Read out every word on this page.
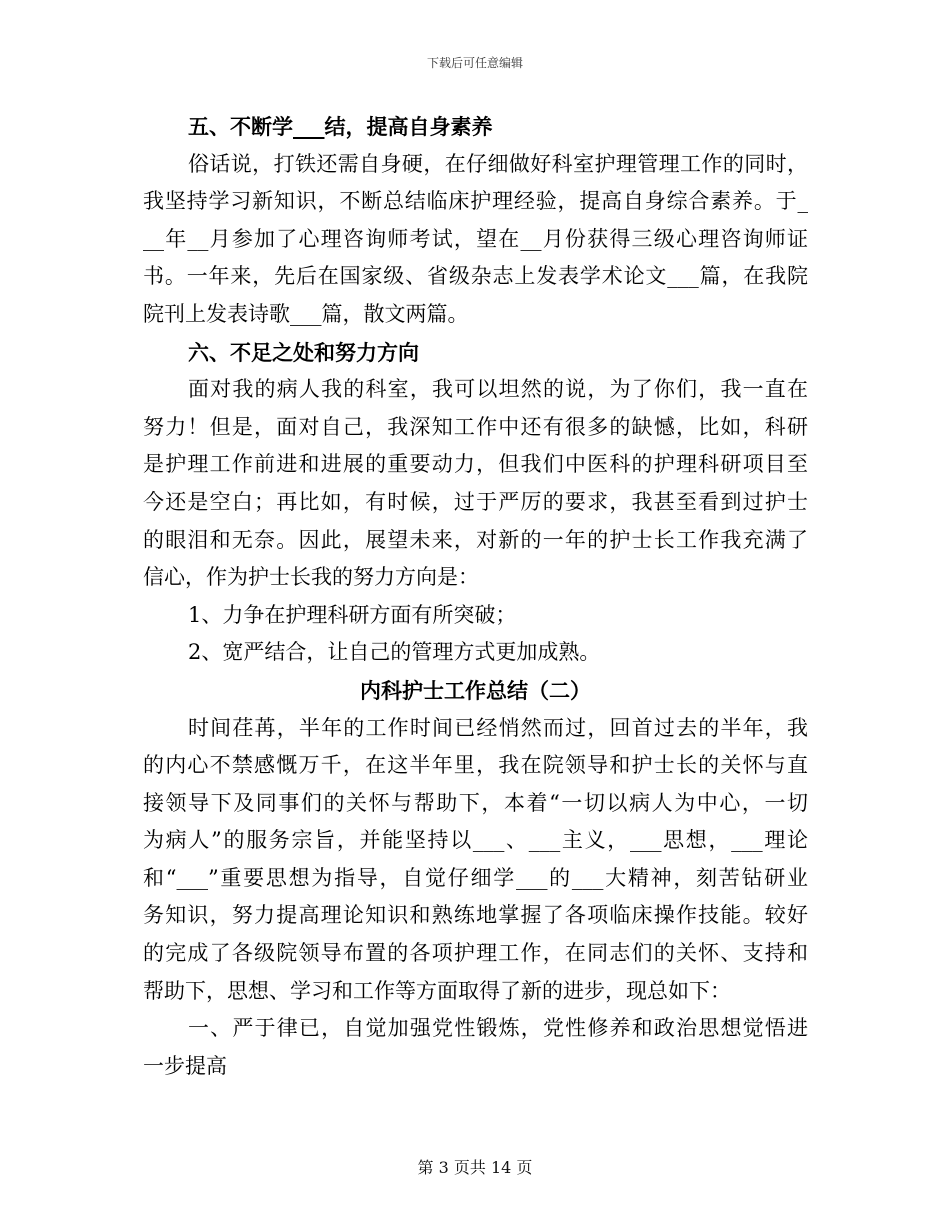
下载后可任意编辑
五、不断学___结，提高自身素养
俗话说，打铁还需自身硬，在仔细做好科室护理管理工作的同时，
我坚持学习新知识，不断总结临床护理经验，提高自身综合素养。于_
__年__月参加了心理咨询师考试，望在__月份获得三级心理咨询师证
书。一年来，先后在国家级、省级杂志上发表学术论文___篇，在我院
院刊上发表诗歌___篇，散文两篇。
六、不足之处和努力方向
面对我的病人我的科室，我可以坦然的说，为了你们，我一直在
努力！但是，面对自己，我深知工作中还有很多的缺憾，比如，科研
是护理工作前进和进展的重要动力，但我们中医科的护理科研项目至
今还是空白；再比如，有时候，过于严厉的要求，我甚至看到过护士
的眼泪和无奈。因此，展望未来，对新的一年的护士长工作我充满了
信心，作为护士长我的努力方向是：
1、力争在护理科研方面有所突破；
2、宽严结合，让自己的管理方式更加成熟。
内科护士工作总结（二）
时间荏苒，半年的工作时间已经悄然而过，回首过去的半年，我
的内心不禁感慨万千，在这半年里，我在院领导和护士长的关怀与直
接领导下及同事们的关怀与帮助下，本着“一切以病人为中心，一切
为病人”的服务宗旨，并能坚持以___、___主义，___思想，___理论
和“___”重要思想为指导，自觉仔细学___的___大精神，刻苦钻研业
务知识，努力提高理论知识和熟练地掌握了各项临床操作技能。较好
的完成了各级院领导布置的各项护理工作，在同志们的关怀、支持和
帮助下，思想、学习和工作等方面取得了新的进步，现总如下：
一、严于律已，自觉加强党性锻炼，党性修养和政治思想觉悟进
一步提高
第 3 页共 14 页
